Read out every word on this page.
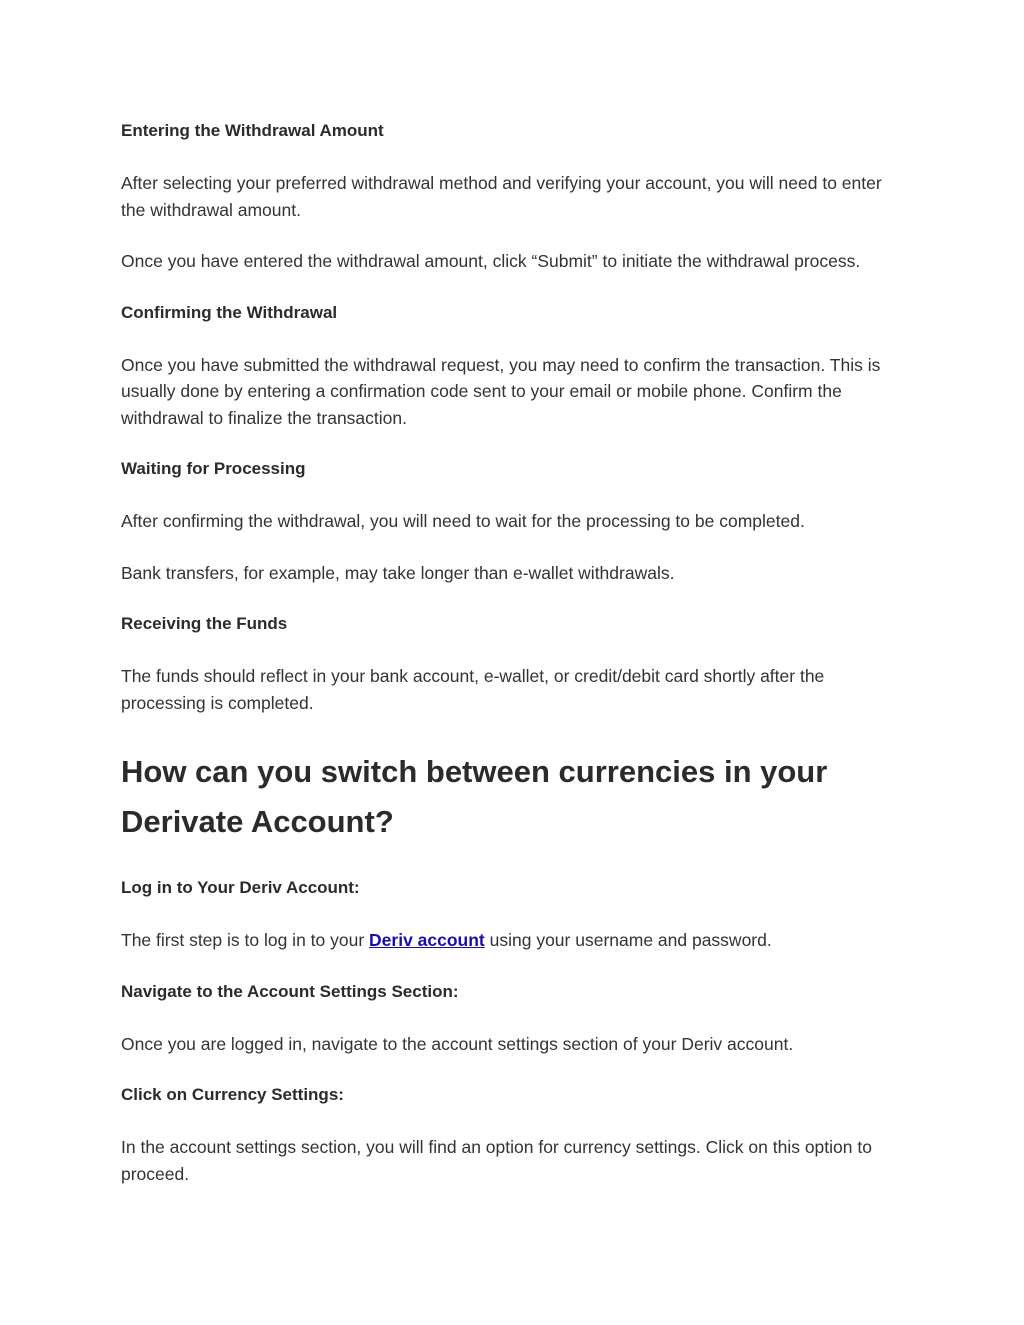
Entering the Withdrawal Amount
After selecting your preferred withdrawal method and verifying your account, you will need to enter the withdrawal amount.
Once you have entered the withdrawal amount, click “Submit” to initiate the withdrawal process.
Confirming the Withdrawal
Once you have submitted the withdrawal request, you may need to confirm the transaction. This is usually done by entering a confirmation code sent to your email or mobile phone. Confirm the withdrawal to finalize the transaction.
Waiting for Processing
After confirming the withdrawal, you will need to wait for the processing to be completed.
Bank transfers, for example, may take longer than e-wallet withdrawals.
Receiving the Funds
The funds should reflect in your bank account, e-wallet, or credit/debit card shortly after the processing is completed.
How can you switch between currencies in your Derivate Account?
Log in to Your Deriv Account:
The first step is to log in to your Deriv account using your username and password.
Navigate to the Account Settings Section:
Once you are logged in, navigate to the account settings section of your Deriv account.
Click on Currency Settings:
In the account settings section, you will find an option for currency settings. Click on this option to proceed.
